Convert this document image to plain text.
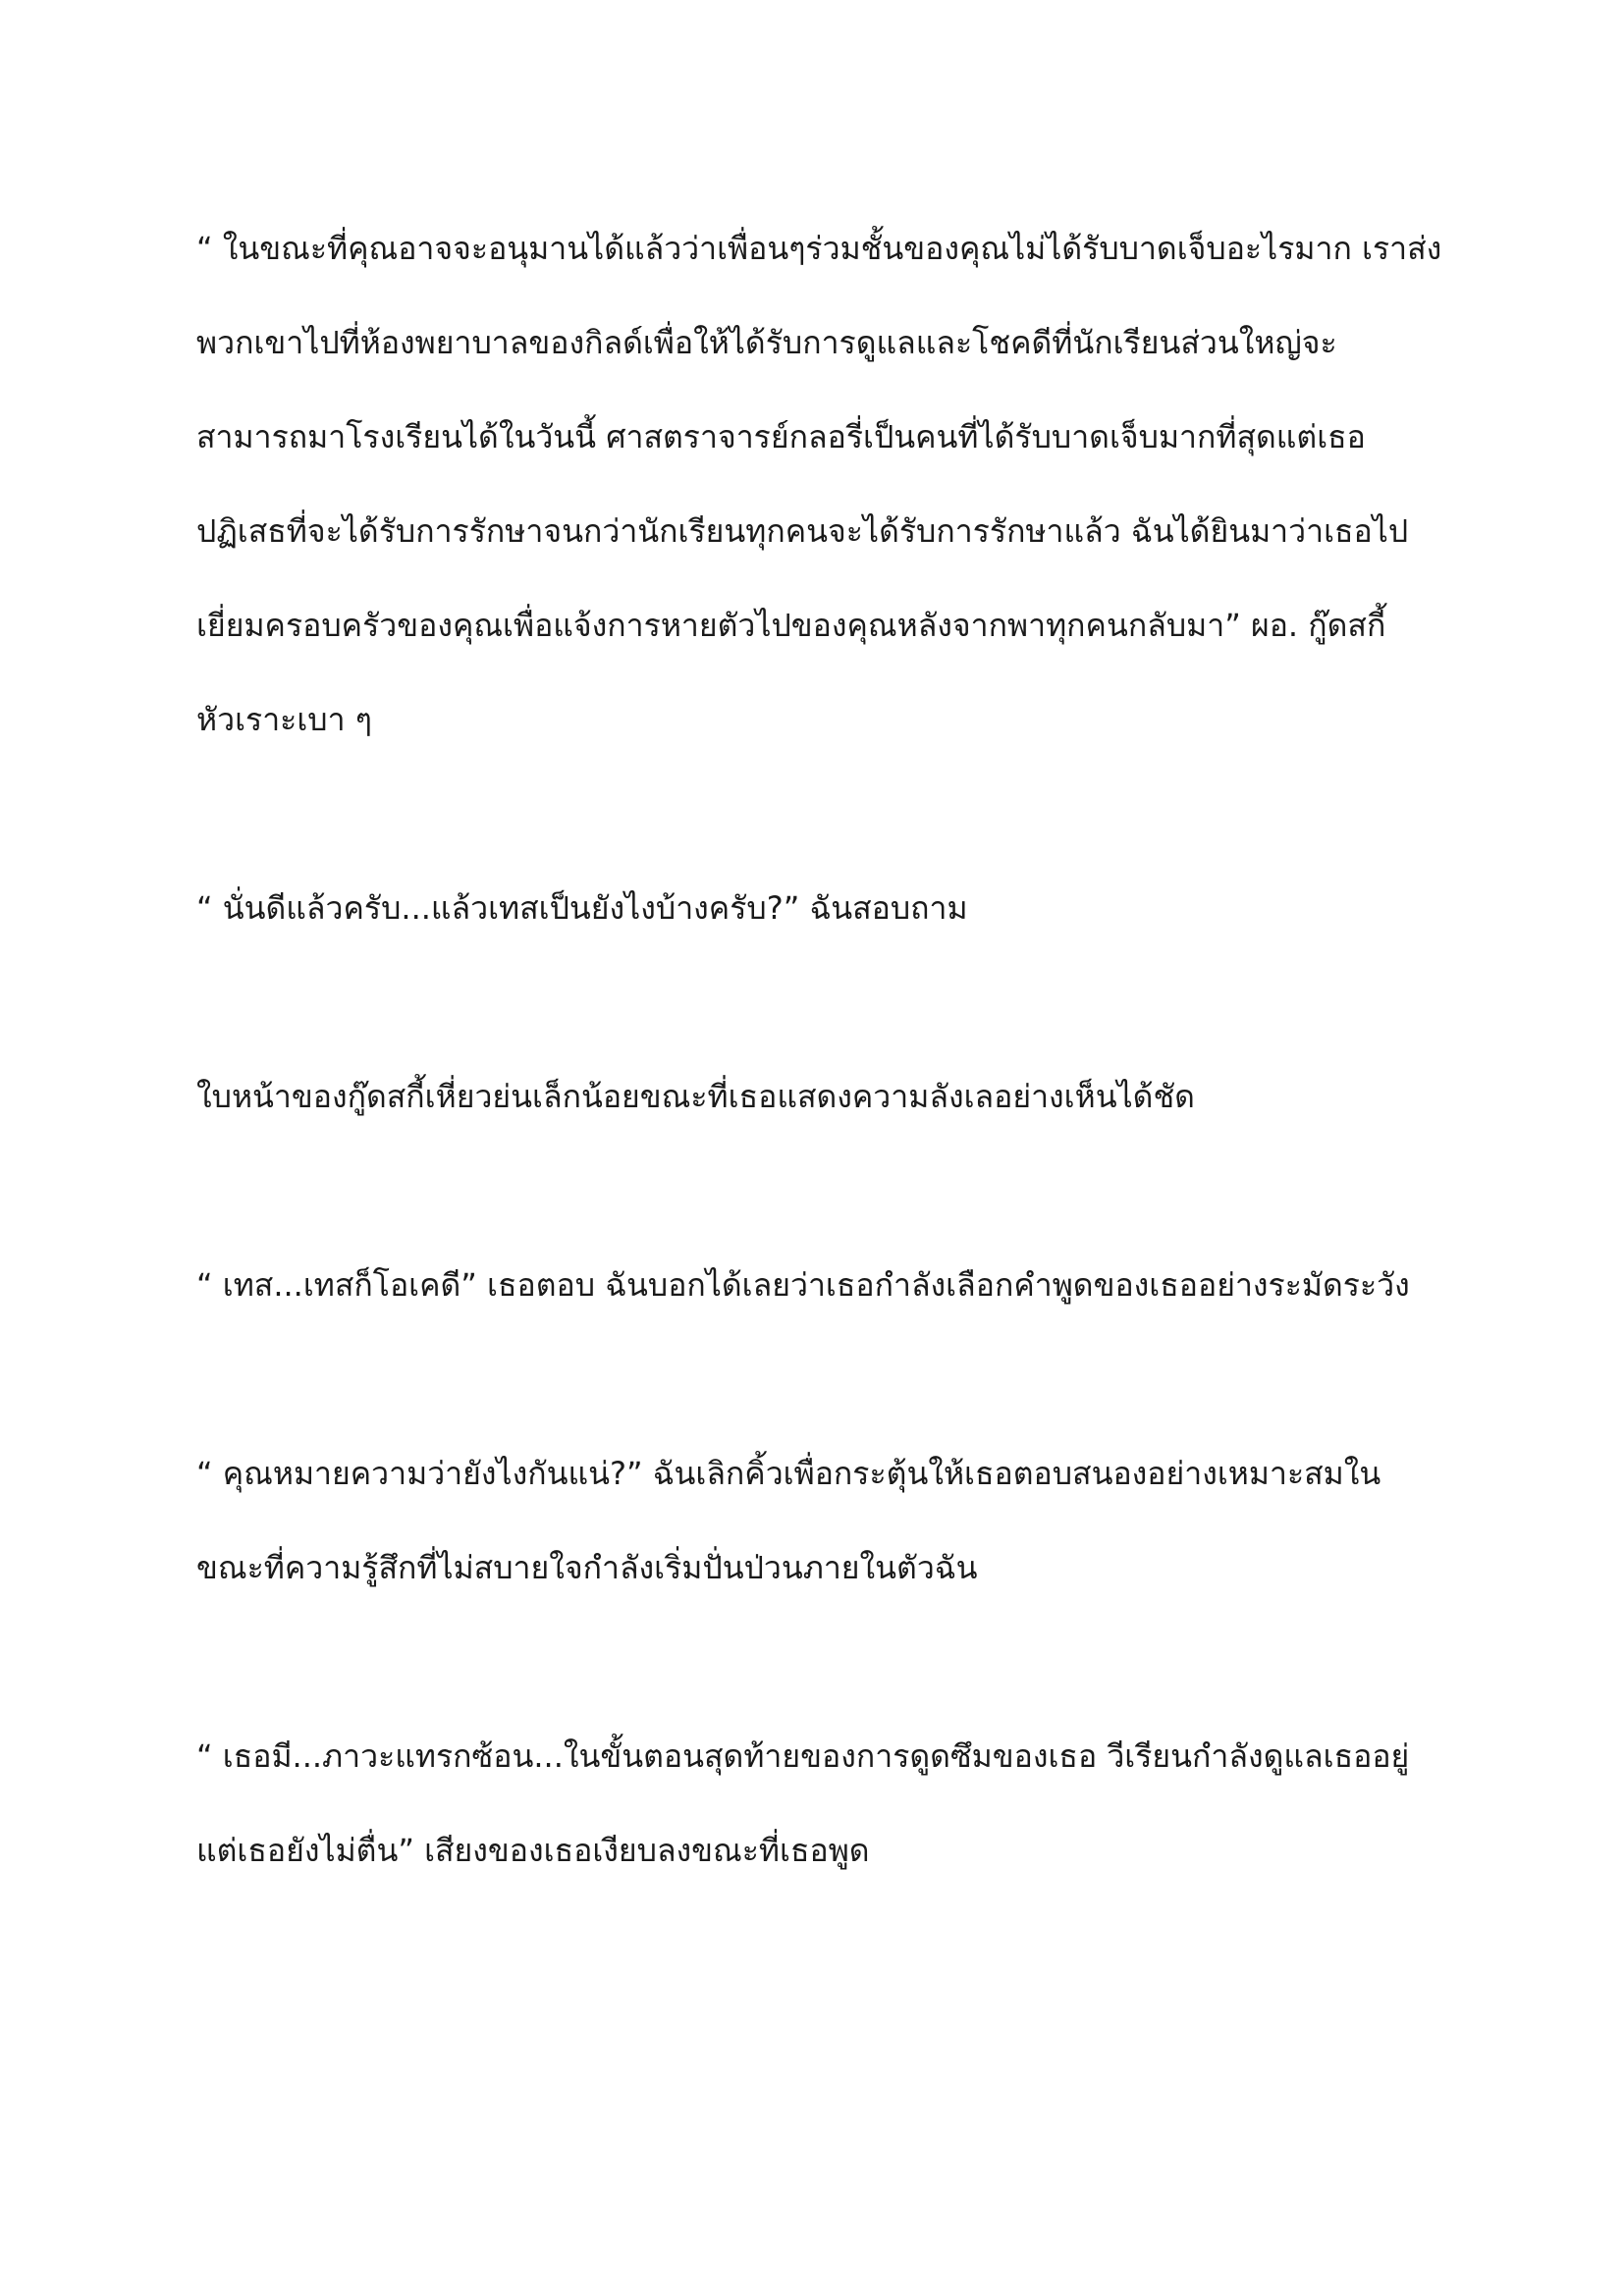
“ ในขณะที่คุณอาจจะอนุมานได้แล้วว่าเพื่อนๆร่วมชั้นของคุณไม่ได้รับบาดเจ็บอะไรมาก เราส่งพวกเขาไปที่ห้องพยาบาลของกิลด์เพื่อให้ได้รับการดูแลและโชคดีที่นักเรียนส่วนใหญ่จะสามารถมาโรงเรียนได้ในวันนี้ ศาสตราจารย์กลอรี่เป็นคนที่ได้รับบาดเจ็บมากที่สุดแต่เธอปฏิเสธที่จะได้รับการรักษาจนกว่านักเรียนทุกคนจะได้รับการรักษาแล้ว ฉันได้ยินมาว่าเธอไปเยี่ยมครอบครัวของคุณเพื่อแจ้งการหายตัวไปของคุณหลังจากพาทุกคนกลับมา” ผอ. กู๊ดสกี้ หัวเราะเบา ๆ

“ นั่นดีแล้วครับ...แล้วเทสเป็นยังไงบ้างครับ?” ฉันสอบถาม

ใบหน้าของกู๊ดสกี้เหี่ยวย่นเล็กน้อยขณะที่เธอแสดงความลังเลอย่างเห็นได้ชัด

“ เทส...เทสก็โอเคดี” เธอตอบ ฉันบอกได้เลยว่าเธอกำลังเลือกคำพูดของเธออย่างระมัดระวัง

“ คุณหมายความว่ายังไงกันแน่?” ฉันเลิกคิ้วเพื่อกระตุ้นให้เธอตอบสนองอย่างเหมาะสมในขณะที่ความรู้สึกที่ไม่สบายใจกำลังเริ่มปั่นป่วนภายในตัวฉัน

“ เธอมี...ภาวะแทรกซ้อน...ในขั้นตอนสุดท้ายของการดูดซึมของเธอ วีเรียนกำลังดูแลเธออยู่แต่เธอยังไม่ตื่น” เสียงของเธอเงียบลงขณะที่เธอพูด
